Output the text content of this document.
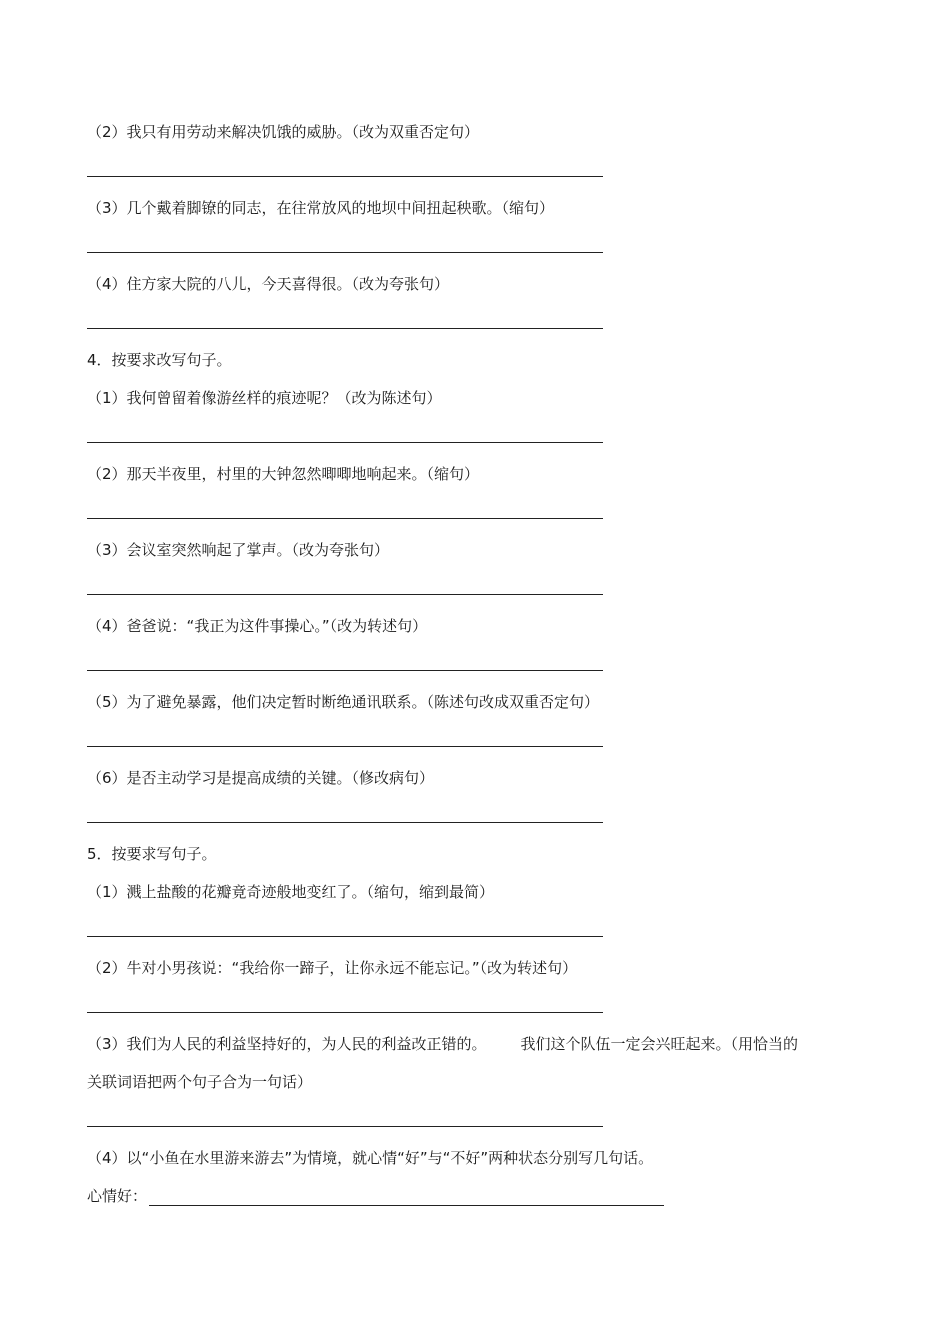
（2）我只有用劳动来解决饥饿的威胁。（改为双重否定句）
（3）几个戴着脚镣的同志，在往常放风的地坝中间扭起秧歌。（缩句）
（4）住方家大院的八儿，今天喜得很。（改为夸张句）
4．按要求改写句子。
（1）我何曾留着像游丝样的痕迹呢？（改为陈述句）
（2）那天半夜里，村里的大钟忽然唧唧地响起来。（缩句）
（3）会议室突然响起了掌声。（改为夸张句）
（4）爸爸说：“我正为这件事操心。”（改为转述句）
（5）为了避免暴露，他们决定暂时断绝通讯联系。（陈述句改成双重否定句）
（6）是否主动学习是提高成绩的关键。（修改病句）
5．按要求写句子。
（1）溅上盐酸的花瓣竟奇迹般地变红了。（缩句，缩到最简）
（2）牛对小男孩说：“我给你一蹄子，让你永远不能忘记。”（改为转述句）
（3）我们为人民的利益坚持好的，为人民的利益改正错的。 我们这个队伍一定会兴旺起来。（用恰当的
关联词语把两个句子合为一句话）
（4）以“小鱼在水里游来游去”为情境，就心情“好”与“不好”两种状态分别写几句话。
心情好：
